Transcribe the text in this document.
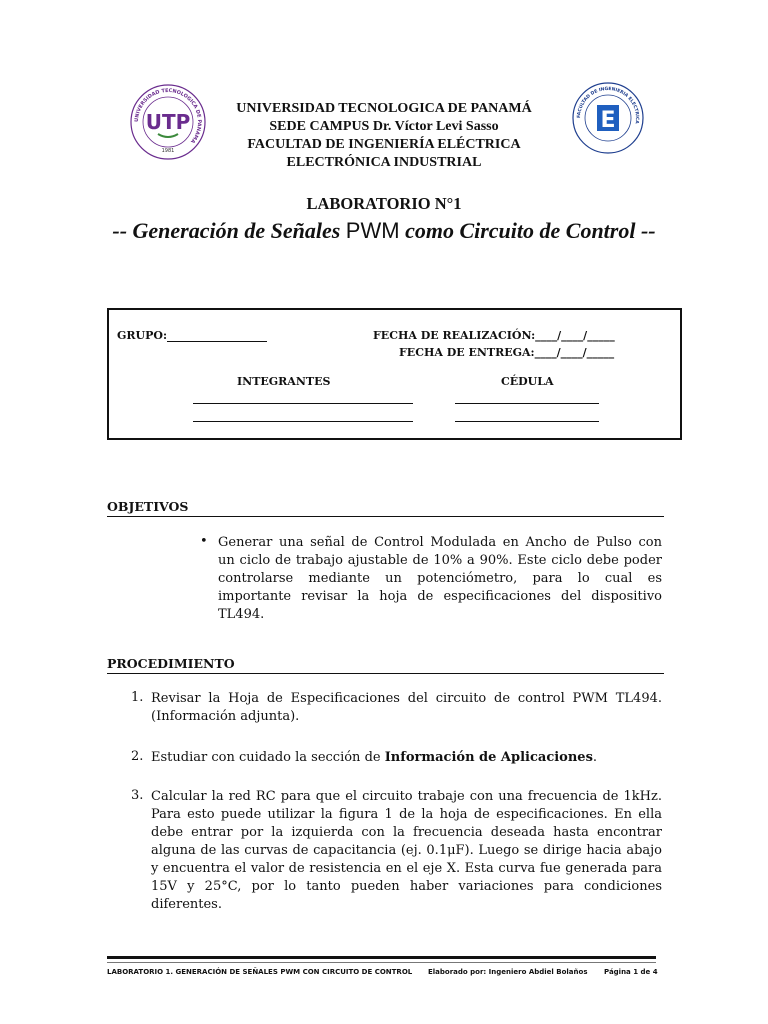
UNIVERSIDAD TECNOLOGICA DE PANAMA
UTP
1981
FACULTAD DE INGENIERIA ELECTRICA
E
UNIVERSIDAD TECNOLOGICA DE PANAMÁ
SEDE CAMPUS Dr. Víctor Levi Sasso
FACULTAD DE INGENIERÍA ELÉCTRICA
ELECTRÓNICA INDUSTRIAL
LABORATORIO N°1
-- Generación de Señales PWM como Circuito de Control --
GRUPO:	FECHA DE REALIZACIÓN:____/____/_____
FECHA DE ENTREGA:____/____/_____
INTEGRANTES	CÉDULA
OBJETIVOS
• Generar una señal de Control Modulada en Ancho de Pulso con
un ciclo de trabajo ajustable de 10% a 90%. Este ciclo debe poder
controlarse mediante un potenciómetro, para lo cual es
importante revisar la hoja de especificaciones del dispositivo
TL494.
PROCEDIMIENTO
1. Revisar la Hoja de Especificaciones del circuito de control PWM TL494.
(Información adjunta).
2. Estudiar con cuidado la sección de Información de Aplicaciones.
3. Calcular la red RC para que el circuito trabaje con una frecuencia de 1kHz.
Para esto puede utilizar la figura 1 de la hoja de especificaciones. En ella
debe entrar por la izquierda con la frecuencia deseada hasta encontrar
alguna de las curvas de capacitancia (ej. 0.1μF). Luego se dirige hacia abajo
y encuentra el valor de resistencia en el eje X. Esta curva fue generada para
15V y 25°C, por lo tanto pueden haber variaciones para condiciones
diferentes.
LABORATORIO 1. GENERACIÓN DE SEÑALES PWM CON CIRCUITO DE CONTROL Elaborado por: Ingeniero Abdiel Bolaños Página 1 de 4
